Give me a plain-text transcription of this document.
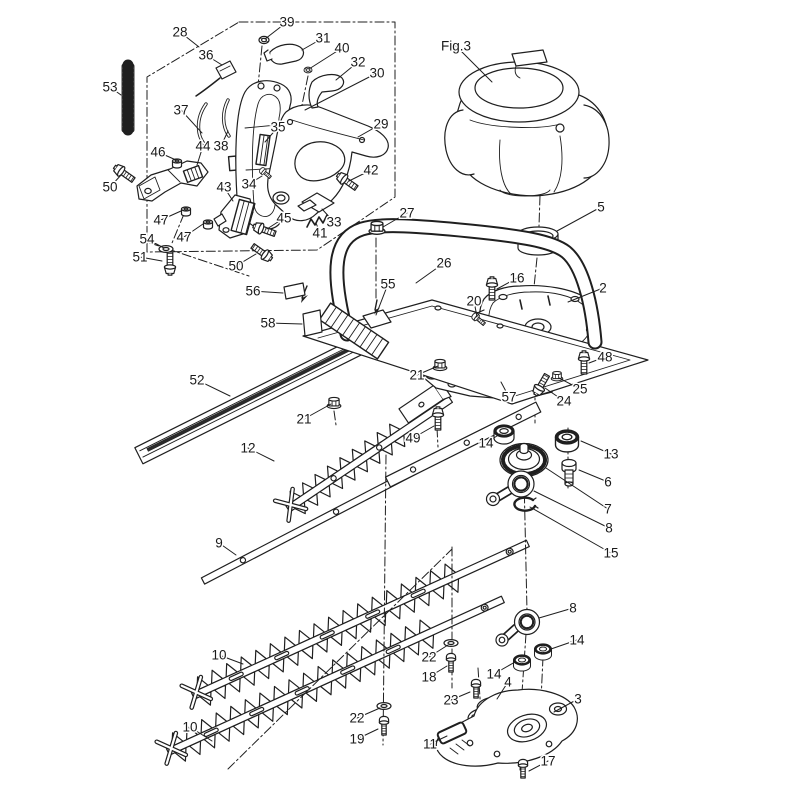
28
39
31
40
36	32
30
Fig.3
53
37
29
35
38
44
46
34
50	43
42
27
45	33
47
41
47
54
5
51
50	26
16
2
55
56
20
58
48
21
25
57	24
52
21
49	14
12	13
6
7
8
9
15
8
14
10	22
14
18
23
4
3
22
10
11
19
17
